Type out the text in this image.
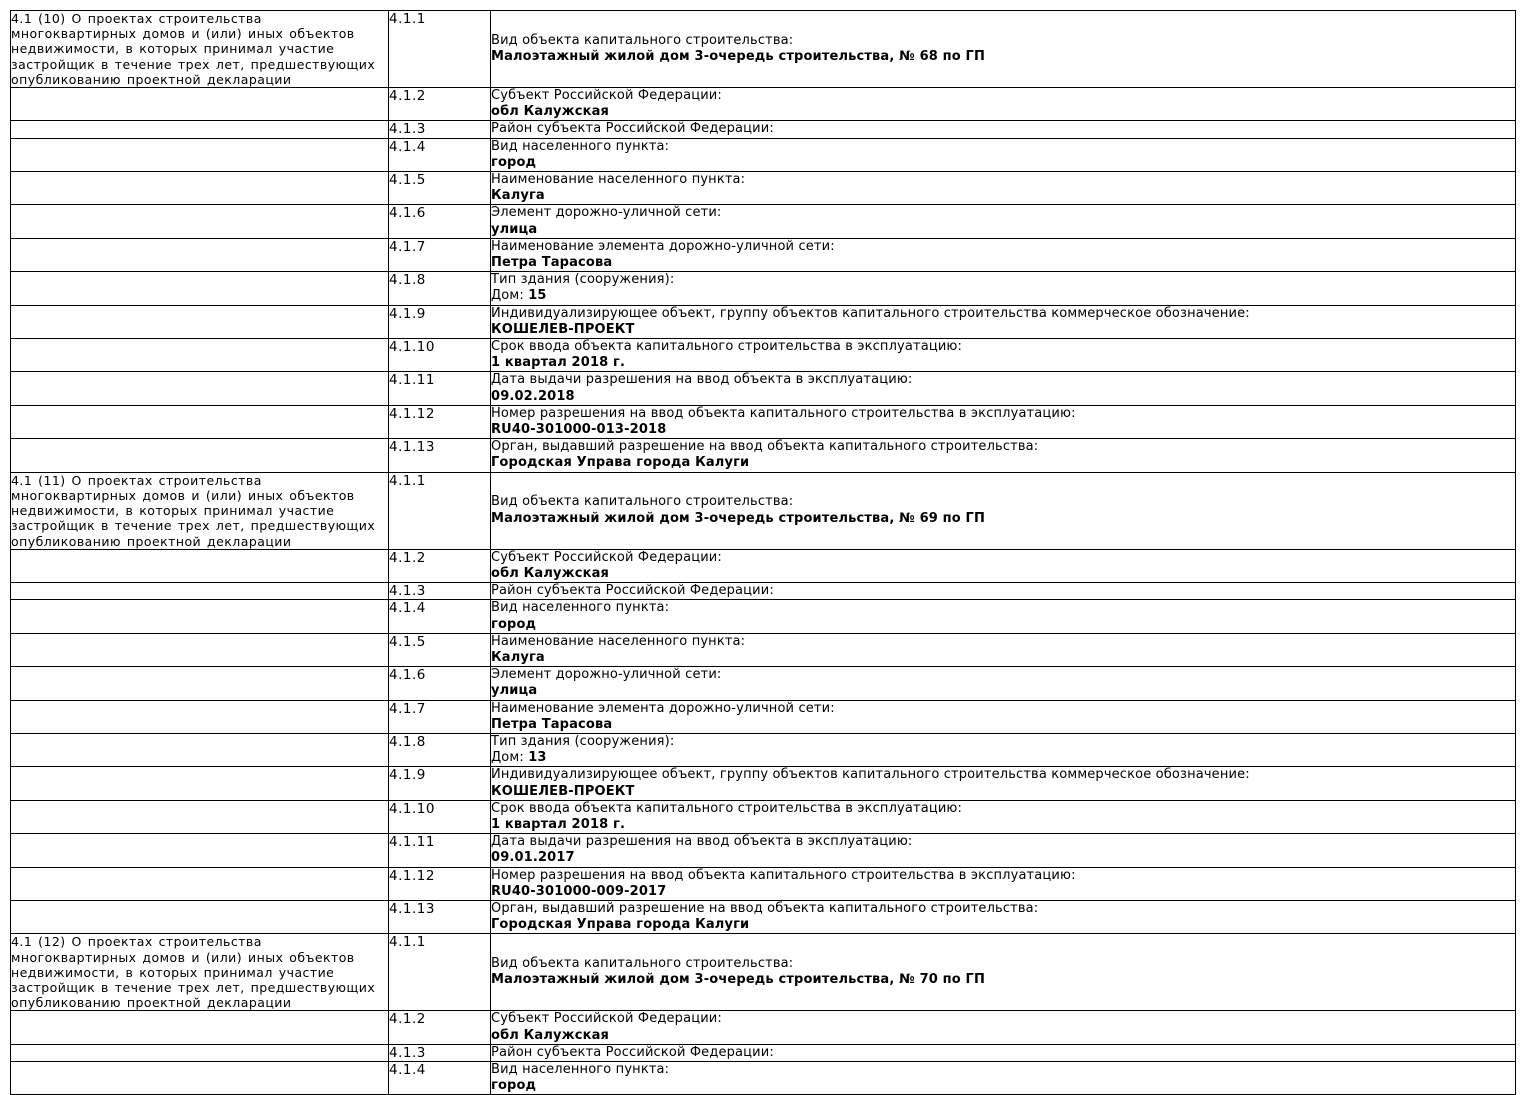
4.1 (10) О проектах строительства многоквартирных домов и (или) иных объектов недвижимости, в которых принимал участие застройщик в течение трех лет, предшествующих опубликованию проектной декларации	4.1.1	Вид объекта капитального строительства:
Малоэтажный жилой дом 3-очередь строительства, № 68 по ГП

	4.1.2	Субъект Российской Федерации:
обл Калужская

	4.1.3	Район субъекта Российской Федерации:

	4.1.4	Вид населенного пункта:
город

	4.1.5	Наименование населенного пункта:
Калуга

	4.1.6	Элемент дорожно-уличной сети:
улица

	4.1.7	Наименование элемента дорожно-уличной сети:
Петра Тарасова

	4.1.8	Тип здания (сооружения):
Дом: 15

	4.1.9	Индивидуализирующее объект, группу объектов капитального строительства коммерческое обозначение:
КОШЕЛЕВ-ПРОЕКТ

	4.1.10	Срок ввода объекта капитального строительства в эксплуатацию:
1 квартал 2018 г.

	4.1.11	Дата выдачи разрешения на ввод объекта в эксплуатацию:
09.02.2018

	4.1.12	Номер разрешения на ввод объекта капитального строительства в эксплуатацию:
RU40-301000-013-2018

	4.1.13	Орган, выдавший разрешение на ввод объекта капитального строительства:
Городская Управа города Калуги

4.1 (11) О проектах строительства многоквартирных домов и (или) иных объектов недвижимости, в которых принимал участие застройщик в течение трех лет, предшествующих опубликованию проектной декларации	4.1.1	Вид объекта капитального строительства:
Малоэтажный жилой дом 3-очередь строительства, № 69 по ГП

	4.1.2	Субъект Российской Федерации:
обл Калужская

	4.1.3	Район субъекта Российской Федерации:

	4.1.4	Вид населенного пункта:
город

	4.1.5	Наименование населенного пункта:
Калуга

	4.1.6	Элемент дорожно-уличной сети:
улица

	4.1.7	Наименование элемента дорожно-уличной сети:
Петра Тарасова

	4.1.8	Тип здания (сооружения):
Дом: 13

	4.1.9	Индивидуализирующее объект, группу объектов капитального строительства коммерческое обозначение:
КОШЕЛЕВ-ПРОЕКТ

	4.1.10	Срок ввода объекта капитального строительства в эксплуатацию:
1 квартал 2018 г.

	4.1.11	Дата выдачи разрешения на ввод объекта в эксплуатацию:
09.01.2017

	4.1.12	Номер разрешения на ввод объекта капитального строительства в эксплуатацию:
RU40-301000-009-2017

	4.1.13	Орган, выдавший разрешение на ввод объекта капитального строительства:
Городская Управа города Калуги

4.1 (12) О проектах строительства многоквартирных домов и (или) иных объектов недвижимости, в которых принимал участие застройщик в течение трех лет, предшествующих опубликованию проектной декларации	4.1.1	Вид объекта капитального строительства:
Малоэтажный жилой дом 3-очередь строительства, № 70 по ГП

	4.1.2	Субъект Российской Федерации:
обл Калужская

	4.1.3	Район субъекта Российской Федерации:

	4.1.4	Вид населенного пункта:
город
